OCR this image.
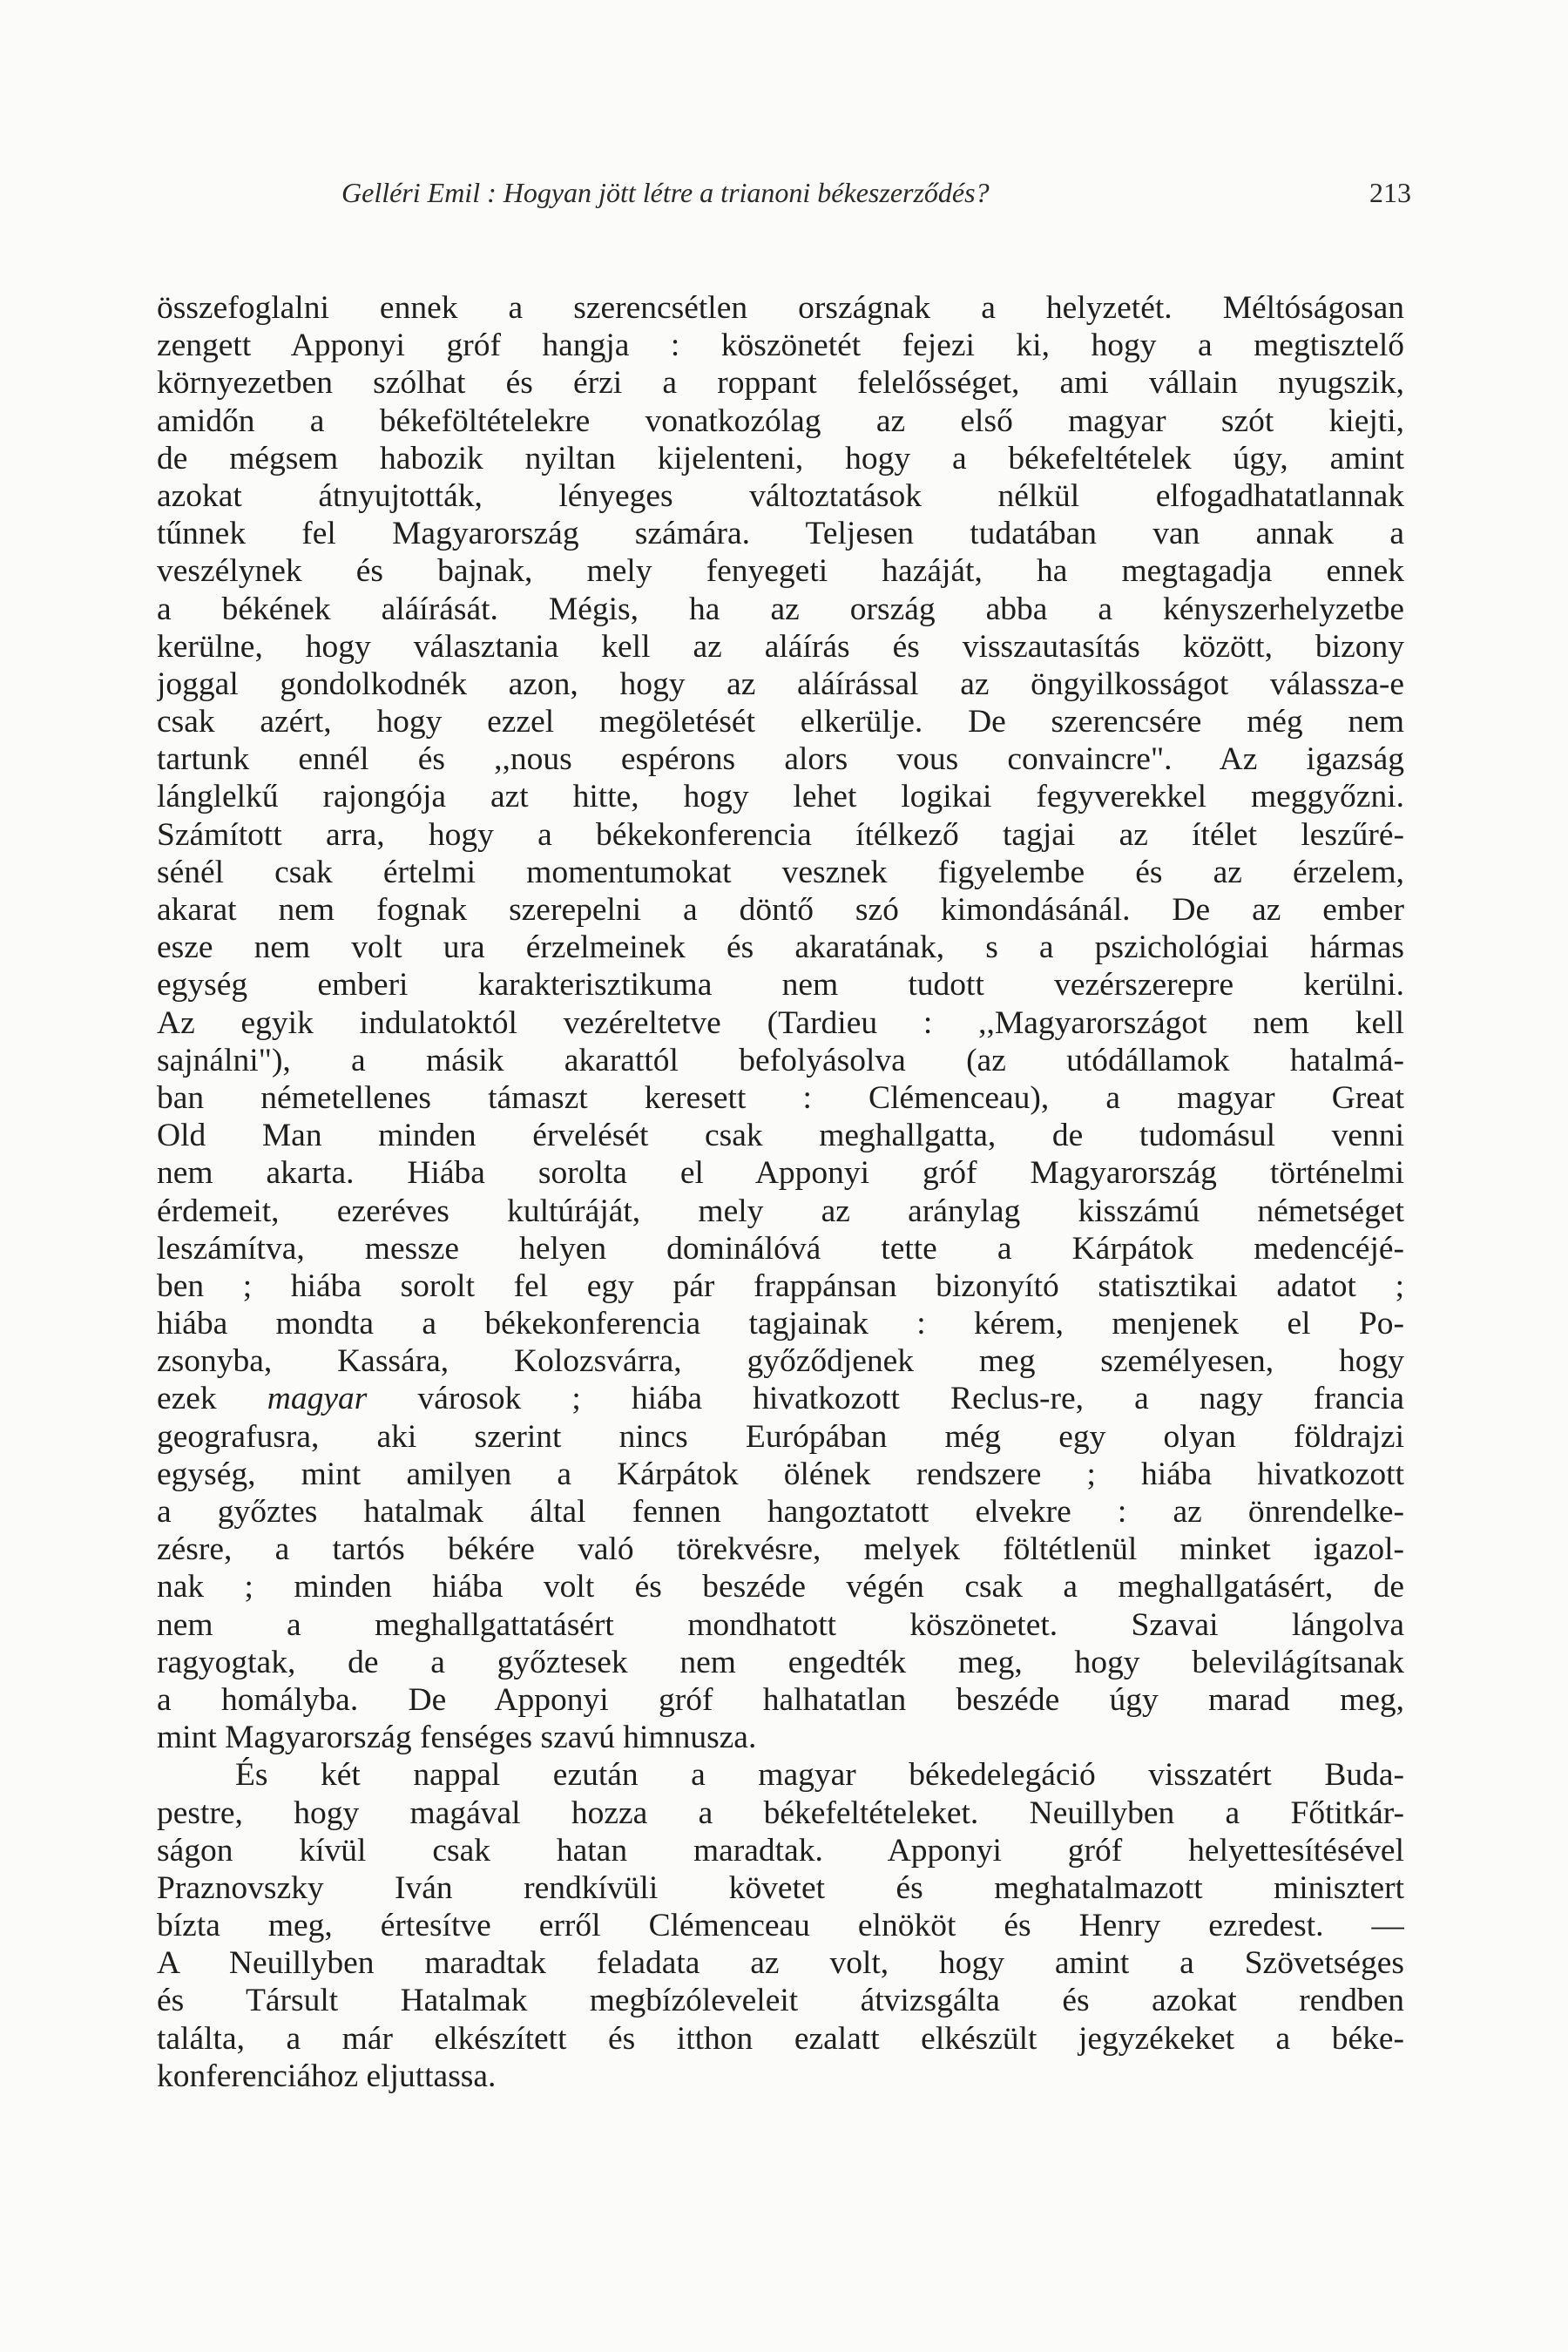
Gelléri Emil : Hogyan jött létre a trianoni békeszerződés?	213
összefoglalni ennek a szerencsétlen országnak a helyzetét. Méltóságosan
zengett Apponyi gróf hangja : köszönetét fejezi ki, hogy a megtisztelő
környezetben szólhat és érzi a roppant felelősséget, ami vállain nyugszik,
amidőn a békeföltételekre vonatkozólag az első magyar szót kiejti,
de mégsem habozik nyiltan kijelenteni, hogy a békefeltételek úgy, amint
azokat átnyujtották, lényeges változtatások nélkül elfogadhatatlannak
tűnnek fel Magyarország számára. Teljesen tudatában van annak a
veszélynek és bajnak, mely fenyegeti hazáját, ha megtagadja ennek
a békének aláírását. Mégis, ha az ország abba a kényszerhelyzetbe
kerülne, hogy választania kell az aláírás és visszautasítás között, bizony
joggal gondolkodnék azon, hogy az aláírással az öngyilkosságot válassza-e
csak azért, hogy ezzel megöletését elkerülje. De szerencsére még nem
tartunk ennél és ,,nous espérons alors vous convaincre". Az igazság
lánglelkű rajongója azt hitte, hogy lehet logikai fegyverekkel meggyőzni.
Számított arra, hogy a békekonferencia ítélkező tagjai az ítélet leszűré-
sénél csak értelmi momentumokat vesznek figyelembe és az érzelem,
akarat nem fognak szerepelni a döntő szó kimondásánál. De az ember
esze nem volt ura érzelmeinek és akaratának, s a pszichológiai hármas
egység emberi karakterisztikuma nem tudott vezérszerepre kerülni.
Az egyik indulatoktól vezéreltetve (Tardieu : ,,Magyarországot nem kell
sajnálni"), a másik akarattól befolyásolva (az utódállamok hatalmá-
ban németellenes támaszt keresett : Clémenceau), a magyar Great
Old Man minden érvelését csak meghallgatta, de tudomásul venni
nem akarta. Hiába sorolta el Apponyi gróf Magyarország történelmi
érdemeit, ezeréves kultúráját, mely az aránylag kisszámú németséget
leszámítva, messze helyen dominálóvá tette a Kárpátok medencéjé-
ben ; hiába sorolt fel egy pár frappánsan bizonyító statisztikai adatot ;
hiába mondta a békekonferencia tagjainak : kérem, menjenek el Po-
zsonyba, Kassára, Kolozsvárra, győződjenek meg személyesen, hogy
ezek magyar városok ; hiába hivatkozott Reclus-re, a nagy francia
geografusra, aki szerint nincs Európában még egy olyan földrajzi
egység, mint amilyen a Kárpátok ölének rendszere ; hiába hivatkozott
a győztes hatalmak által fennen hangoztatott elvekre : az önrendelke-
zésre, a tartós békére való törekvésre, melyek föltétlenül minket igazol-
nak ; minden hiába volt és beszéde végén csak a meghallgatásért, de
nem a meghallgattatásért mondhatott köszönetet. Szavai lángolva
ragyogtak, de a győztesek nem engedték meg, hogy belevilágítsanak
a homályba. De Apponyi gróf halhatatlan beszéde úgy marad meg,
mint Magyarország fenséges szavú himnusza.
És két nappal ezután a magyar békedelegáció visszatért Buda-
pestre, hogy magával hozza a békefeltételeket. Neuillyben a Főtitkár-
ságon kívül csak hatan maradtak. Apponyi gróf helyettesítésével
Praznovszky Iván rendkívüli követet és meghatalmazott minisztert
bízta meg, értesítve erről Clémenceau elnököt és Henry ezredest. —
A Neuillyben maradtak feladata az volt, hogy amint a Szövetséges
és Társult Hatalmak megbízóleveleit átvizsgálta és azokat rendben
találta, a már elkészített és itthon ezalatt elkészült jegyzékeket a béke-
konferenciához eljuttassa.
